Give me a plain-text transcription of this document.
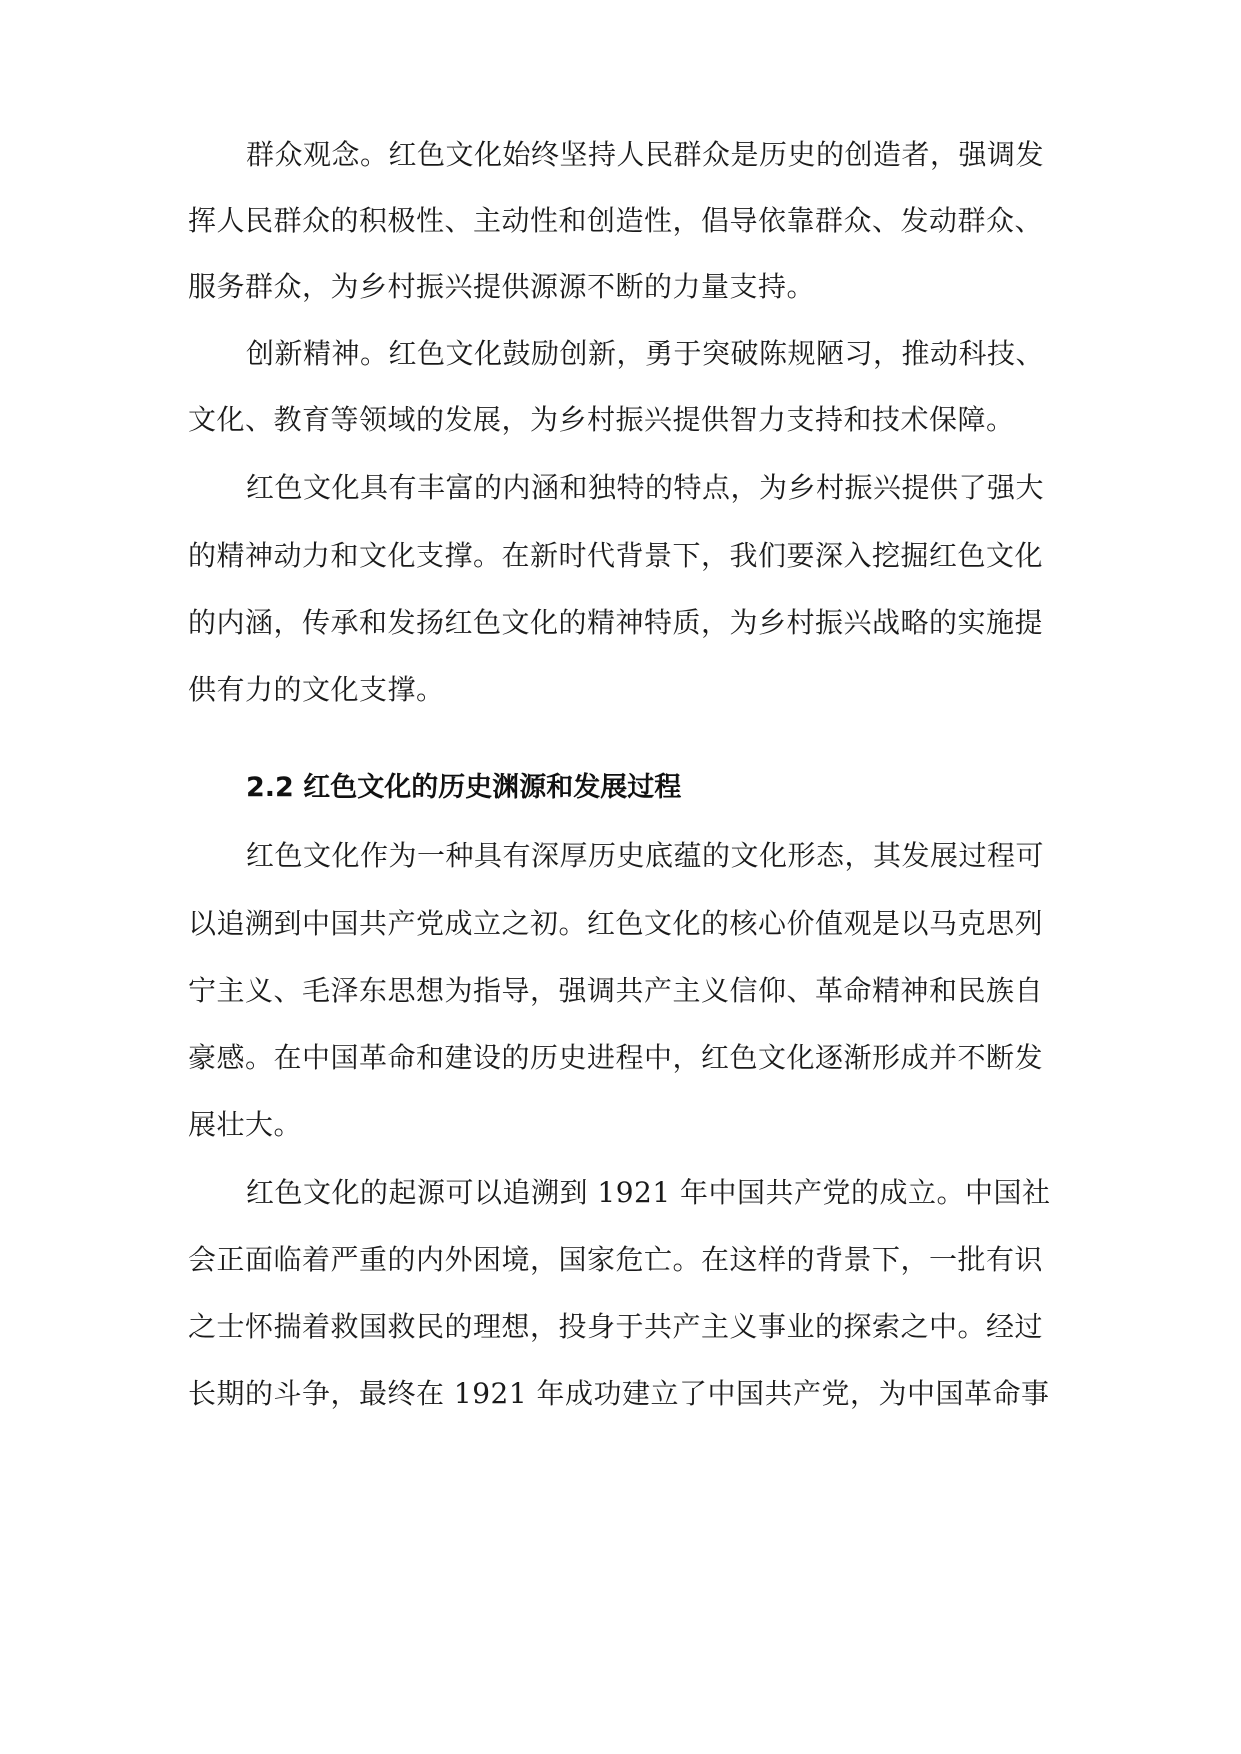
群众观念。红色文化始终坚持人民群众是历史的创造者，强调发

挥人民群众的积极性、主动性和创造性，倡导依靠群众、发动群众、

服务群众，为乡村振兴提供源源不断的力量支持。

创新精神。红色文化鼓励创新，勇于突破陈规陋习，推动科技、

文化、教育等领域的发展，为乡村振兴提供智力支持和技术保障。

红色文化具有丰富的内涵和独特的特点，为乡村振兴提供了强大

的精神动力和文化支撑。在新时代背景下，我们要深入挖掘红色文化

的内涵，传承和发扬红色文化的精神特质，为乡村振兴战略的实施提

供有力的文化支撑。

2.2 红色文化的历史渊源和发展过程

红色文化作为一种具有深厚历史底蕴的文化形态，其发展过程可

以追溯到中国共产党成立之初。红色文化的核心价值观是以马克思列

宁主义、毛泽东思想为指导，强调共产主义信仰、革命精神和民族自

豪感。在中国革命和建设的历史进程中，红色文化逐渐形成并不断发

展壮大。

红色文化的起源可以追溯到 1921 年中国共产党的成立。中国社

会正面临着严重的内外困境，国家危亡。在这样的背景下，一批有识

之士怀揣着救国救民的理想，投身于共产主义事业的探索之中。经过

长期的斗争，最终在 1921 年成功建立了中国共产党，为中国革命事
